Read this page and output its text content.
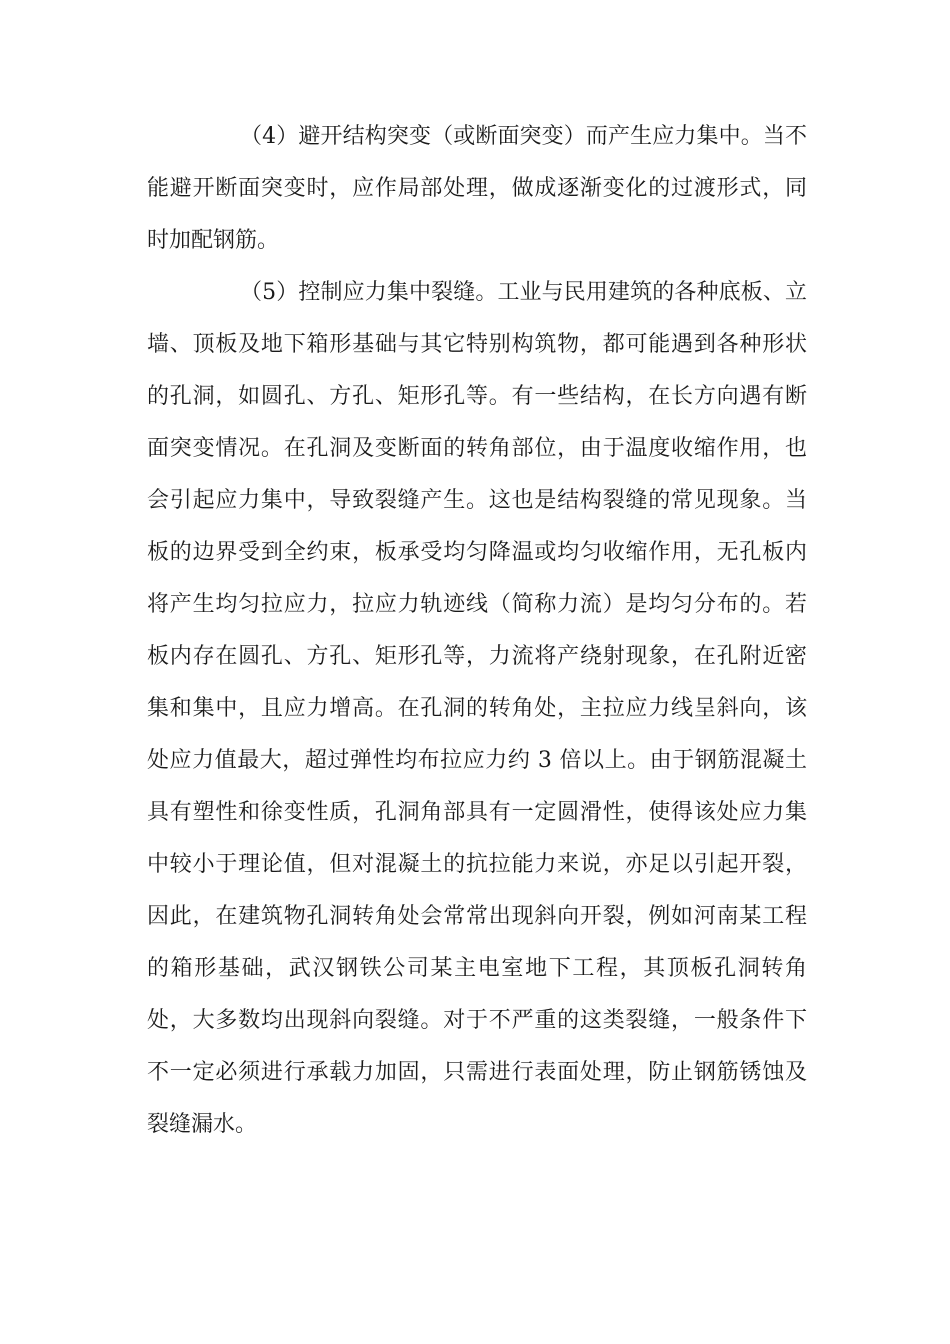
（4）避开结构突变（或断面突变）而产生应力集中。当不
能避开断面突变时，应作局部处理，做成逐渐变化的过渡形式，同
时加配钢筋。
（5）控制应力集中裂缝。工业与民用建筑的各种底板、立
墙、顶板及地下箱形基础与其它特别构筑物，都可能遇到各种形状
的孔洞，如圆孔、方孔、矩形孔等。有一些结构，在长方向遇有断
面突变情况。在孔洞及变断面的转角部位，由于温度收缩作用，也
会引起应力集中，导致裂缝产生。这也是结构裂缝的常见现象。当
板的边界受到全约束，板承受均匀降温或均匀收缩作用，无孔板内
将产生均匀拉应力，拉应力轨迹线（简称力流）是均匀分布的。若
板内存在圆孔、方孔、矩形孔等，力流将产绕射现象，在孔附近密
集和集中，且应力增高。在孔洞的转角处，主拉应力线呈斜向，该
处应力值最大，超过弹性均布拉应力约 3 倍以上。由于钢筋混凝土
具有塑性和徐变性质，孔洞角部具有一定圆滑性，使得该处应力集
中较小于理论值，但对混凝土的抗拉能力来说，亦足以引起开裂，
因此，在建筑物孔洞转角处会常常出现斜向开裂，例如河南某工程
的箱形基础，武汉钢铁公司某主电室地下工程，其顶板孔洞转角
处，大多数均出现斜向裂缝。对于不严重的这类裂缝，一般条件下
不一定必须进行承载力加固，只需进行表面处理，防止钢筋锈蚀及
裂缝漏水。
